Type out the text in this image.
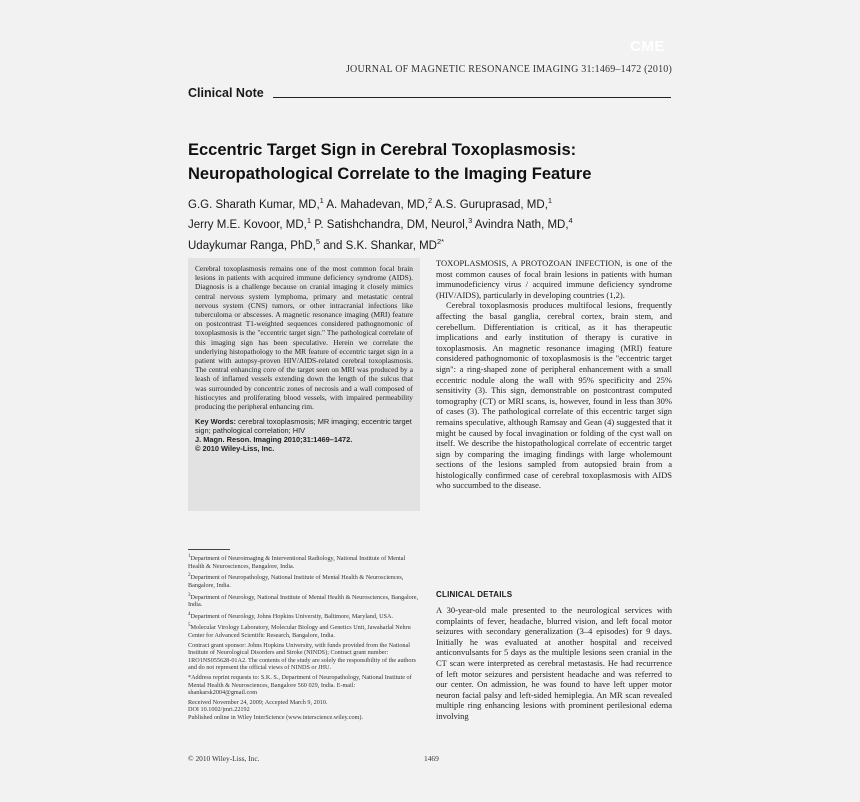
CME
JOURNAL OF MAGNETIC RESONANCE IMAGING 31:1469–1472 (2010)
Clinical Note
Eccentric Target Sign in Cerebral Toxoplasmosis: Neuropathological Correlate to the Imaging Feature
G.G. Sharath Kumar, MD,$^1$ A. Mahadevan, MD,$^2$ A.S. Guruprasad, MD,$^1$
Jerry M.E. Kovoor, MD,$^1$ P. Satishchandra, DM, Neurol,$^3$ Avindra Nath, MD,$^4$
Udaykumar Ranga, PhD,$^5$ and S.K. Shankar, $MD^{2*}$
Cerebral toxoplasmosis remains one of the most common focal brain lesions in patients with acquired immune deficiency syndrome (AIDS). Diagnosis is a challenge because on cranial imaging it closely mimics central nervous system lymphoma, primary and metastatic central nervous system (CNS) tumors, or other intracranial infections like tuberculoma or abscesses. A magnetic resonance imaging (MRI) feature on postcontrast T1-weighted sequences considered pathognomonic of toxoplasmosis is the "eccentric target sign." The pathological correlate of this imaging sign has been speculative. Herein we correlate the underlying histopathology to the MR feature of eccentric target sign in a patient with autopsy-proven HIV/AIDS-related cerebral toxoplasmosis. The central enhancing core of the target seen on MRI was produced by a leash of inflamed vessels extending down the length of the sulcus that was surrounded by concentric zones of necrosis and a wall composed of histiocytes and proliferating blood vessels, with impaired permeability producing the peripheral enhancing rim.
Key Words: cerebral toxoplasmosis; MR imaging; eccentric target sign; pathological correlation; HIV
J. Magn. Reson. Imaging 2010;31:1469–1472.
© 2010 Wiley-Liss, Inc.

TOXOPLASMOSIS, A PROTOZOAN INFECTION, is one of the most common causes of focal brain lesions in patients with human immunodeficiency virus / acquired immune deficiency syndrome (HIV/AIDS), particularly in developing countries (1,2).

Cerebral toxoplasmosis produces multifocal lesions, frequently affecting the basal ganglia, cerebral cortex, brain stem, and cerebellum. Differentiation is critical, as it has therapeutic implications and early institution of therapy is curative in toxoplasmosis. An magnetic resonance imaging (MRI) feature considered pathognomonic of toxoplasmosis is the "eccentric target sign": a ring-shaped zone of peripheral enhancement with a small eccentric nodule along the wall with 95% specificity and 25% sensitivity (3). This sign, demonstrable on postcontrast computed tomography (CT) or MRI scans, is, however, found in less than 30% of cases (3). The pathological correlate of this eccentric target sign remains speculative, although Ramsay and Gean (4) suggested that it might be caused by focal invagination or folding of the cyst wall on itself. We describe the histopathological correlate of eccentric target sign by comparing the imaging findings with large wholemount sections of the lesions sampled from autopsied brain from a histologically confirmed case of cerebral toxoplasmosis with AIDS who succumbed to the disease.

CLINICAL DETAILS
A 30-year-old male presented to the neurological services with complaints of fever, headache, blurred vision, and left focal motor seizures with secondary generalization (3–4 episodes) for 9 days. Initially he was evaluated at another hospital and received anticonvulsants for 5 days as the multiple lesions seen cranial in the CT scan were interpreted as cerebral metastasis. He had recurrence of left motor seizures and persistent headache and was referred to our center. On admission, he was found to have left upper motor neuron facial palsy and left-sided hemiplegia. An MR scan revealed multiple ring enhancing lesions with prominent perilesional edema involving
$^1$Department of Neuroimaging & Interventional Radiology, National Institute of Mental Health & Neurosciences, Bangalore, India.
$^2$Department of Neuropathology, National Institute of Mental Health & Neurosciences, Bangalore, India.
$^3$Department of Neurology, National Institute of Mental Health & Neurosciences, Bangalore, India.
$^4$Department of Neurology, Johns Hopkins University, Baltimore, Maryland, USA.
$^5$Molecular Virology Laboratory, Molecular Biology and Genetics Unit, Jawaharlal Nehru Center for Advanced Scientific Research, Bangalore, India.
Contract grant sponsor: Johns Hopkins University, with funds provided from the National Institute of Neurological Disorders and Stroke (NINDS); Contract grant number: 1RO1NS055628-01A2. The contents of the study are solely the responsibility of the authors and do not represent the official views of NINDS or JHU.
*Address reprint requests to: S.K. S., Department of Neuropathology, National Institute of Mental Health & Neurosciences, Bangalore 560 029, India. E-mail: shankarsk2004@gmail.com
Received November 24, 2009; Accepted March 9, 2010.
DOI 10.1002/jmri.22192
Published online in Wiley InterScience (www.interscience.wiley.com).
© 2010 Wiley-Liss, Inc.	1469
